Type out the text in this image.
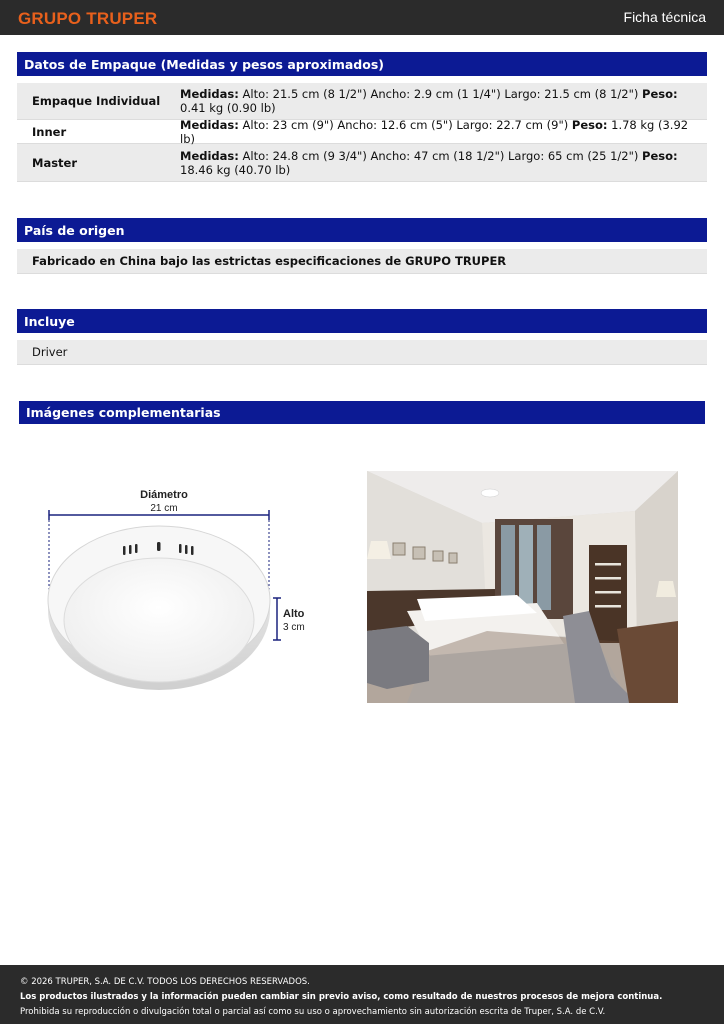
GRUPO TRUPER	Ficha técnica
Datos de Empaque (Medidas y pesos aproximados)
Empaque Individual	Medidas: Alto: 21.5 cm (8 1/2") Ancho: 2.9 cm (1 1/4") Largo: 21.5 cm (8 1/2") Peso: 0.41 kg (0.90 lb)
Inner	Medidas: Alto: 23 cm (9") Ancho: 12.6 cm (5") Largo: 22.7 cm (9") Peso: 1.78 kg (3.92 lb)
Master	Medidas: Alto: 24.8 cm (9 3/4") Ancho: 47 cm (18 1/2") Largo: 65 cm (25 1/2") Peso: 18.46 kg (40.70 lb)
País de origen
Fabricado en China bajo las estrictas especificaciones de GRUPO TRUPER
Incluye
Driver
Imágenes complementarias
Diámetro
21 cm
Alto
3 cm
© 2026 TRUPER, S.A. DE C.V. TODOS LOS DERECHOS RESERVADOS.
Los productos ilustrados y la información pueden cambiar sin previo aviso, como resultado de nuestros procesos de mejora continua.
Prohibida su reproducción o divulgación total o parcial así como su uso o aprovechamiento sin autorización escrita de Truper, S.A. de C.V.
